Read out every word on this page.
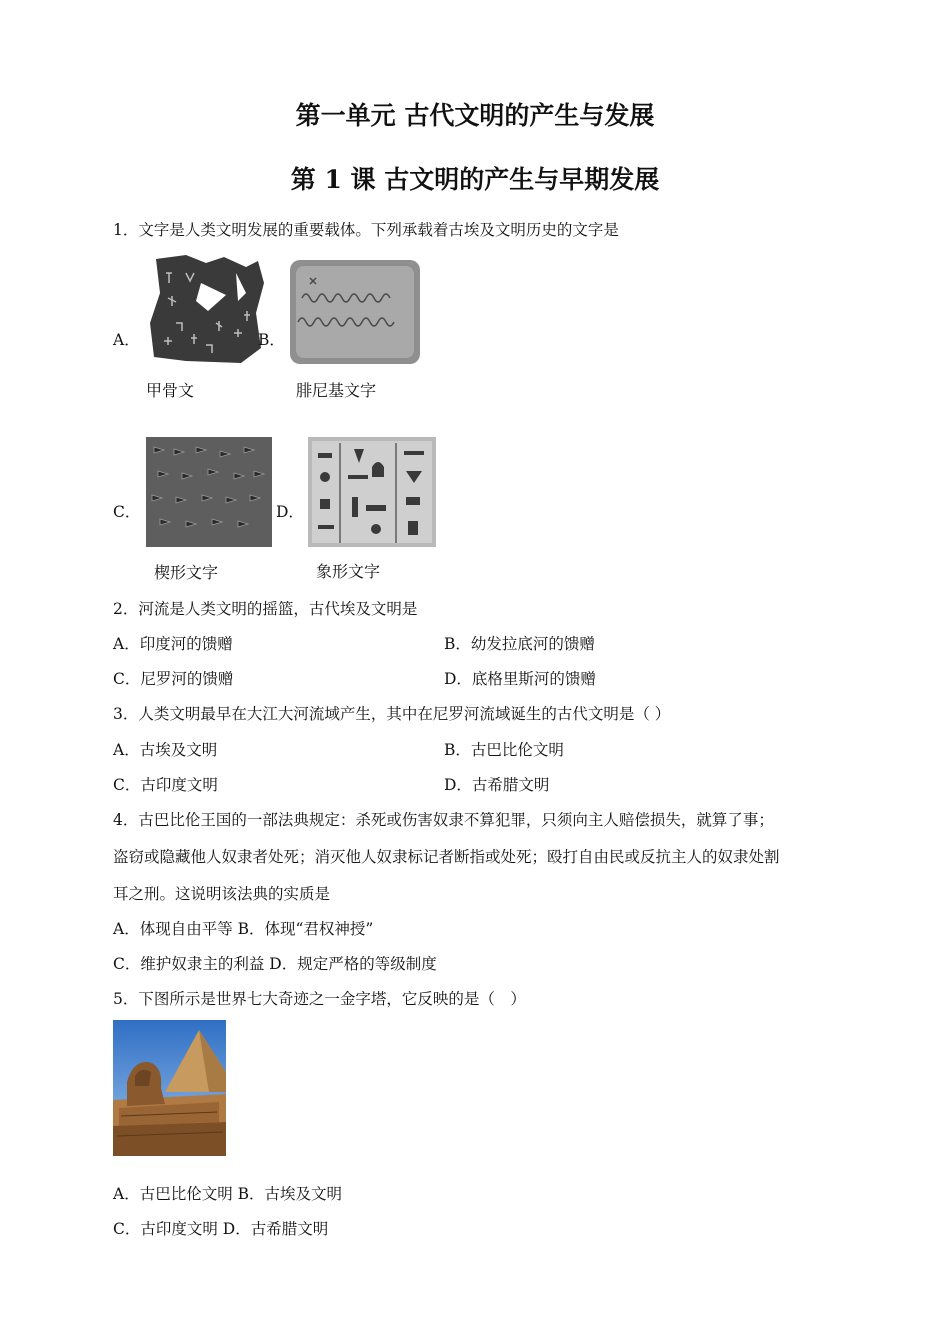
第一单元 古代文明的产生与发展
第 1 课 古文明的产生与早期发展
1．文字是人类文明发展的重要载体。下列承载着古埃及文明历史的文字是
A．
甲骨文
B．
腓尼基文字
C．
楔形文字
D．
象形文字
2．河流是人类文明的摇篮，古代埃及文明是
A．印度河的馈赠	B．幼发拉底河的馈赠
C．尼罗河的馈赠	D．底格里斯河的馈赠
3．人类文明最早在大江大河流域产生，其中在尼罗河流域诞生的古代文明是（ ）
A．古埃及文明	B．古巴比伦文明
C．古印度文明	D．古希腊文明
4．古巴比伦王国的一部法典规定：杀死或伤害奴隶不算犯罪，只须向主人赔偿损失，就算了事；
盗窃或隐藏他人奴隶者处死；消灭他人奴隶标记者断指或处死；殴打自由民或反抗主人的奴隶处割
耳之刑。这说明该法典的实质是
A．体现自由平等 B．体现“君权神授”
C．维护奴隶主的利益 D．规定严格的等级制度
5．下图所示是世界七大奇迹之一金字塔，它反映的是（　）
A．古巴比伦文明 B．古埃及文明
C．古印度文明 D．古希腊文明
